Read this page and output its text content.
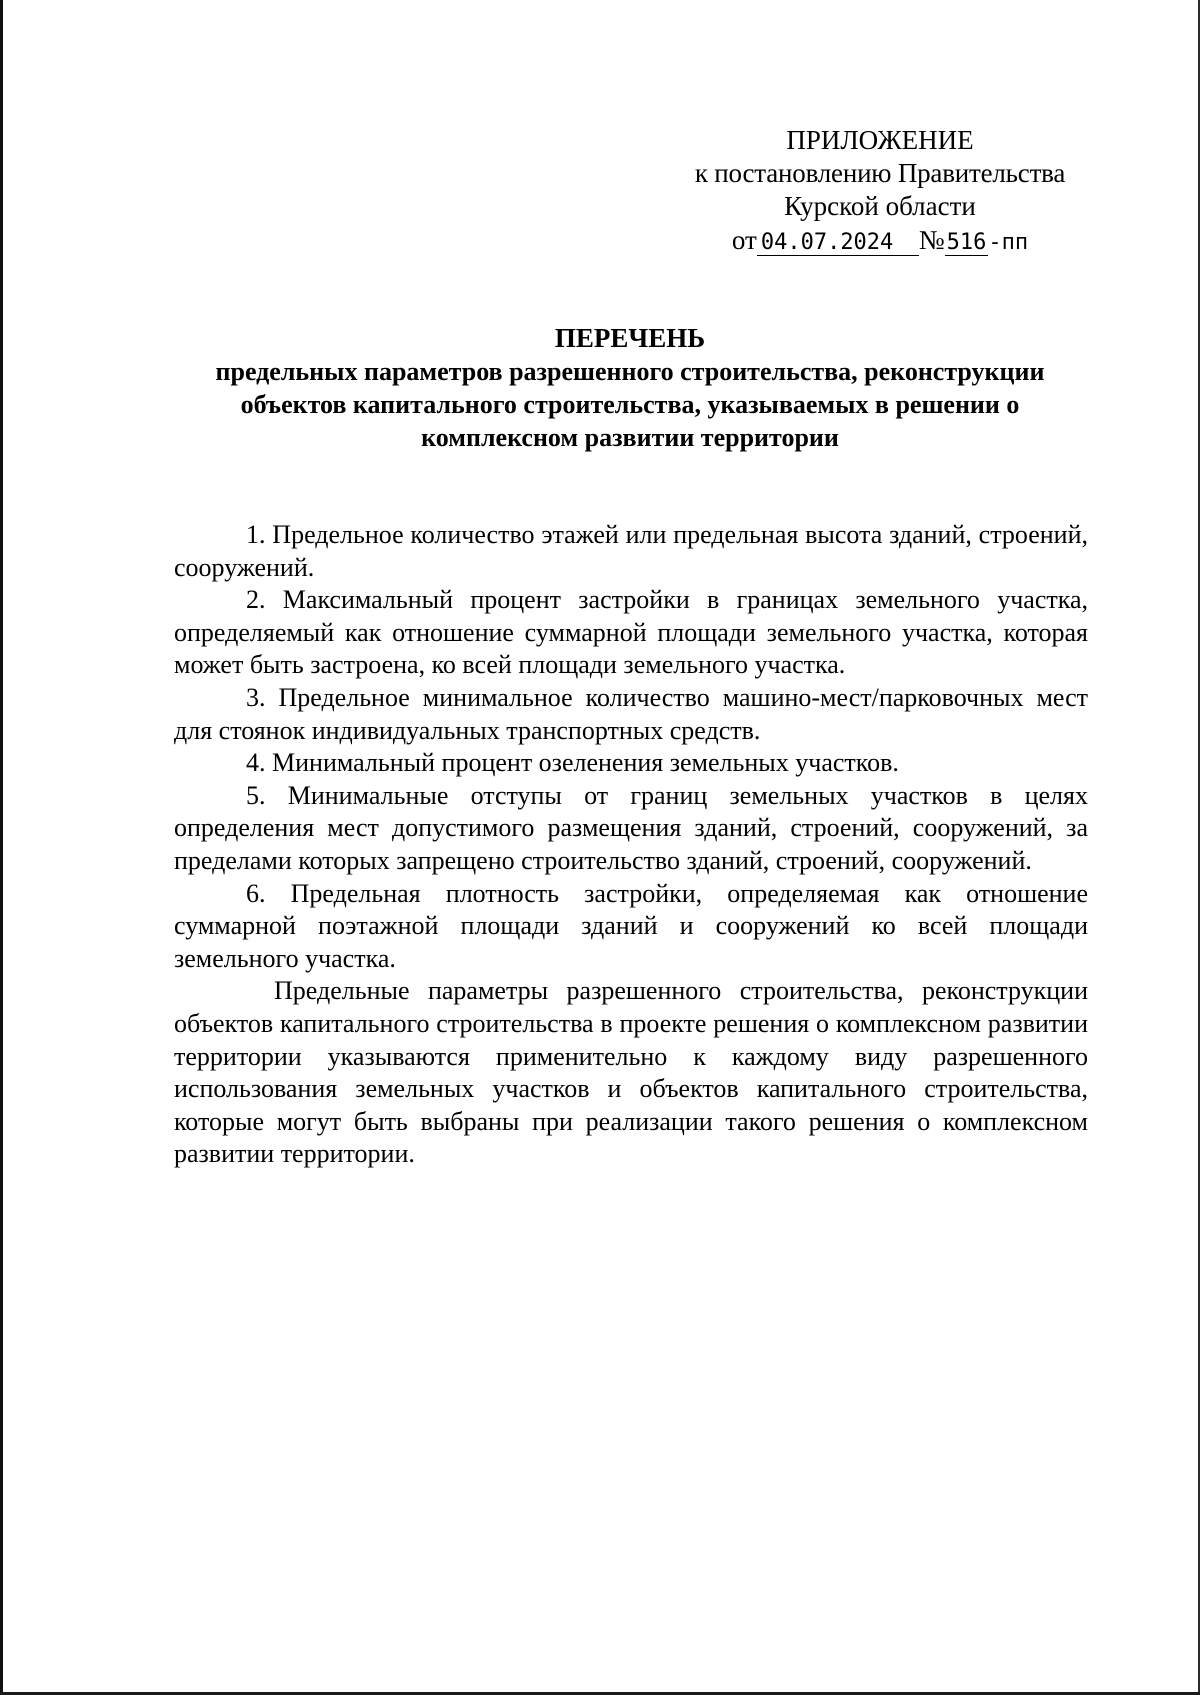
ПРИЛОЖЕНИЕ
к постановлению Правительства
Курской области
от 04.07.2024 №516-пп
ПЕРЕЧЕНЬ
предельных параметров разрешенного строительства, реконструкции
объектов капитального строительства, указываемых в решении о
комплексном развитии территории

1. Предельное количество этажей или предельная высота зданий, строений, сооружений.

2. Максимальный процент застройки в границах земельного участка, определяемый как отношение суммарной площади земельного участка, которая может быть застроена, ко всей площади земельного участка.

3. Предельное минимальное количество машино-мест/парковочных мест для стоянок индивидуальных транспортных средств.

4. Минимальный процент озеленения земельных участков.

5. Минимальные отступы от границ земельных участков в целях определения мест допустимого размещения зданий, строений, сооружений, за пределами которых запрещено строительство зданий, строений, сооружений.

6. Предельная плотность застройки, определяемая как отношение суммарной поэтажной площади зданий и сооружений ко всей площади земельного участка.

Предельные параметры разрешенного строительства, реконструкции объектов капитального строительства в проекте решения о комплексном развитии территории указываются применительно к каждому виду разрешенного использования земельных участков и объектов капитального строительства, которые могут быть выбраны при реализации такого решения о комплексном развитии территории.
